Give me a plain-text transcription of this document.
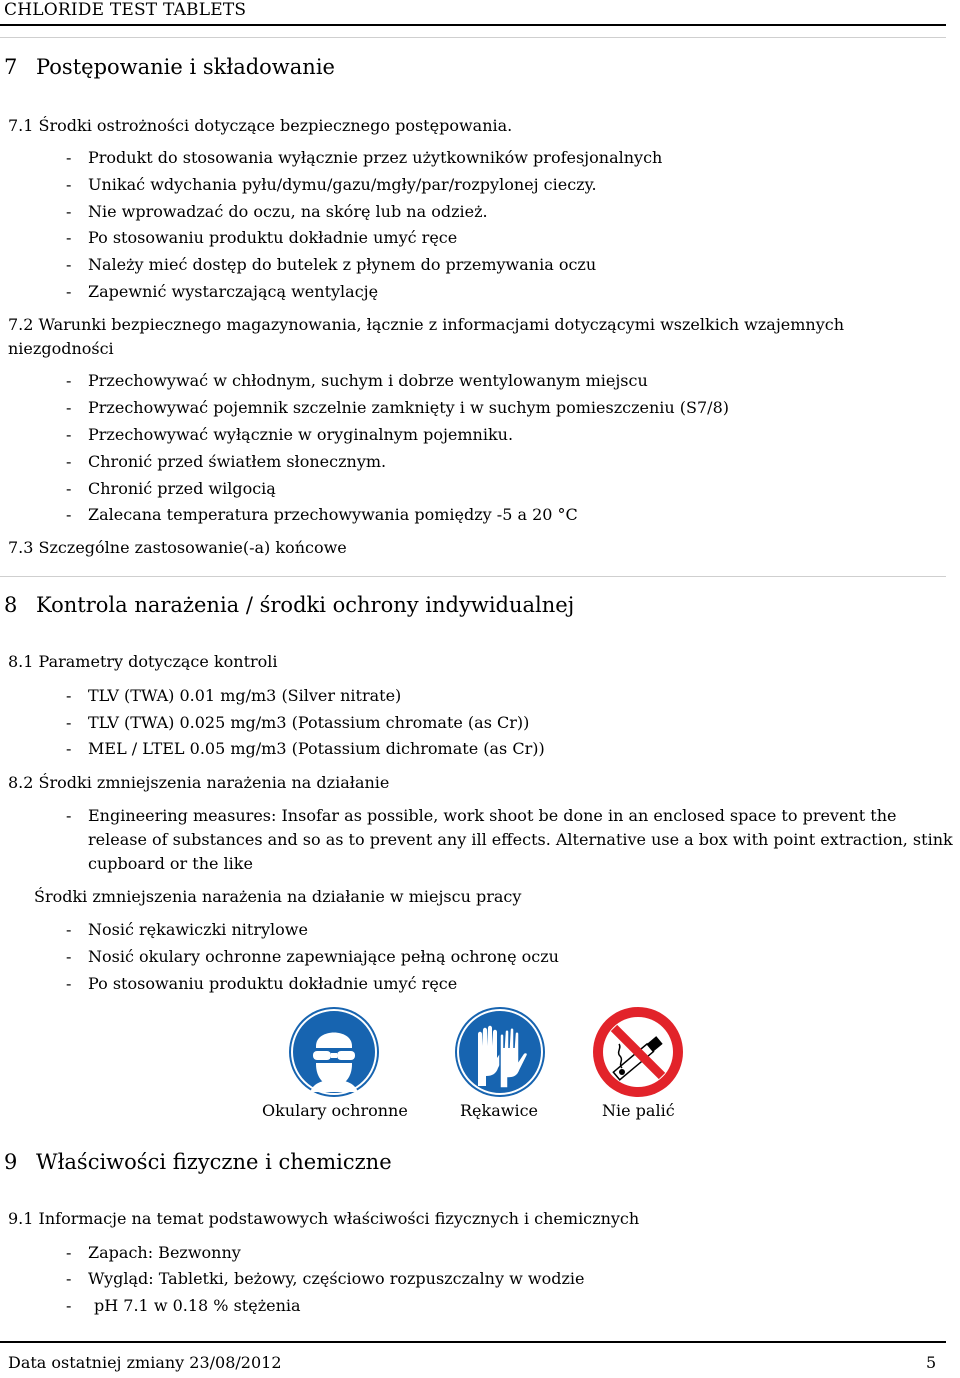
CHLORIDE TEST TABLETS
7 Postępowanie i składowanie
7.1 Środki ostrożności dotyczące bezpiecznego postępowania.
- Produkt do stosowania wyłącznie przez użytkowników profesjonalnych
- Unikać wdychania pyłu/dymu/gazu/mgły/par/rozpylonej cieczy.
- Nie wprowadzać do oczu, na skórę lub na odzież.
- Po stosowaniu produktu dokładnie umyć ręce
- Należy mieć dostęp do butelek z płynem do przemywania oczu
- Zapewnić wystarczającą wentylację
7.2 Warunki bezpiecznego magazynowania, łącznie z informacjami dotyczącymi wszelkich wzajemnych niezgodności
- Przechowywać w chłodnym, suchym i dobrze wentylowanym miejscu
- Przechowywać pojemnik szczelnie zamknięty i w suchym pomieszczeniu (S7/8)
- Przechowywać wyłącznie w oryginalnym pojemniku.
- Chronić przed światłem słonecznym.
- Chronić przed wilgocią
- Zalecana temperatura przechowywania pomiędzy -5 a 20 °C
7.3 Szczególne zastosowanie(-a) końcowe
8 Kontrola narażenia / środki ochrony indywidualnej
8.1 Parametry dotyczące kontroli
- TLV (TWA) 0.01 mg/m3 (Silver nitrate)
- TLV (TWA) 0.025 mg/m3 (Potassium chromate (as Cr))
- MEL / LTEL 0.05 mg/m3 (Potassium dichromate (as Cr))
8.2 Środki zmniejszenia narażenia na działanie
- Engineering measures: Insofar as possible, work shoot be done in an enclosed space to prevent the release of substances and so as to prevent any ill effects. Alternative use a box with point extraction, stink cupboard or the like
Środki zmniejszenia narażenia na działanie w miejscu pracy
- Nosić rękawiczki nitrylowe
- Nosić okulary ochronne zapewniające pełną ochronę oczu
- Po stosowaniu produktu dokładnie umyć ręce
Okulary ochronne	Rękawice	Nie palić
9 Właściwości fizyczne i chemiczne
9.1 Informacje na temat podstawowych właściwości fizycznych i chemicznych
- Zapach: Bezwonny
- Wygląd: Tabletki, beżowy, częściowo rozpuszczalny w wodzie
- pH 7.1 w 0.18 % stężenia
Data ostatniej zmiany 23/08/2012	5
